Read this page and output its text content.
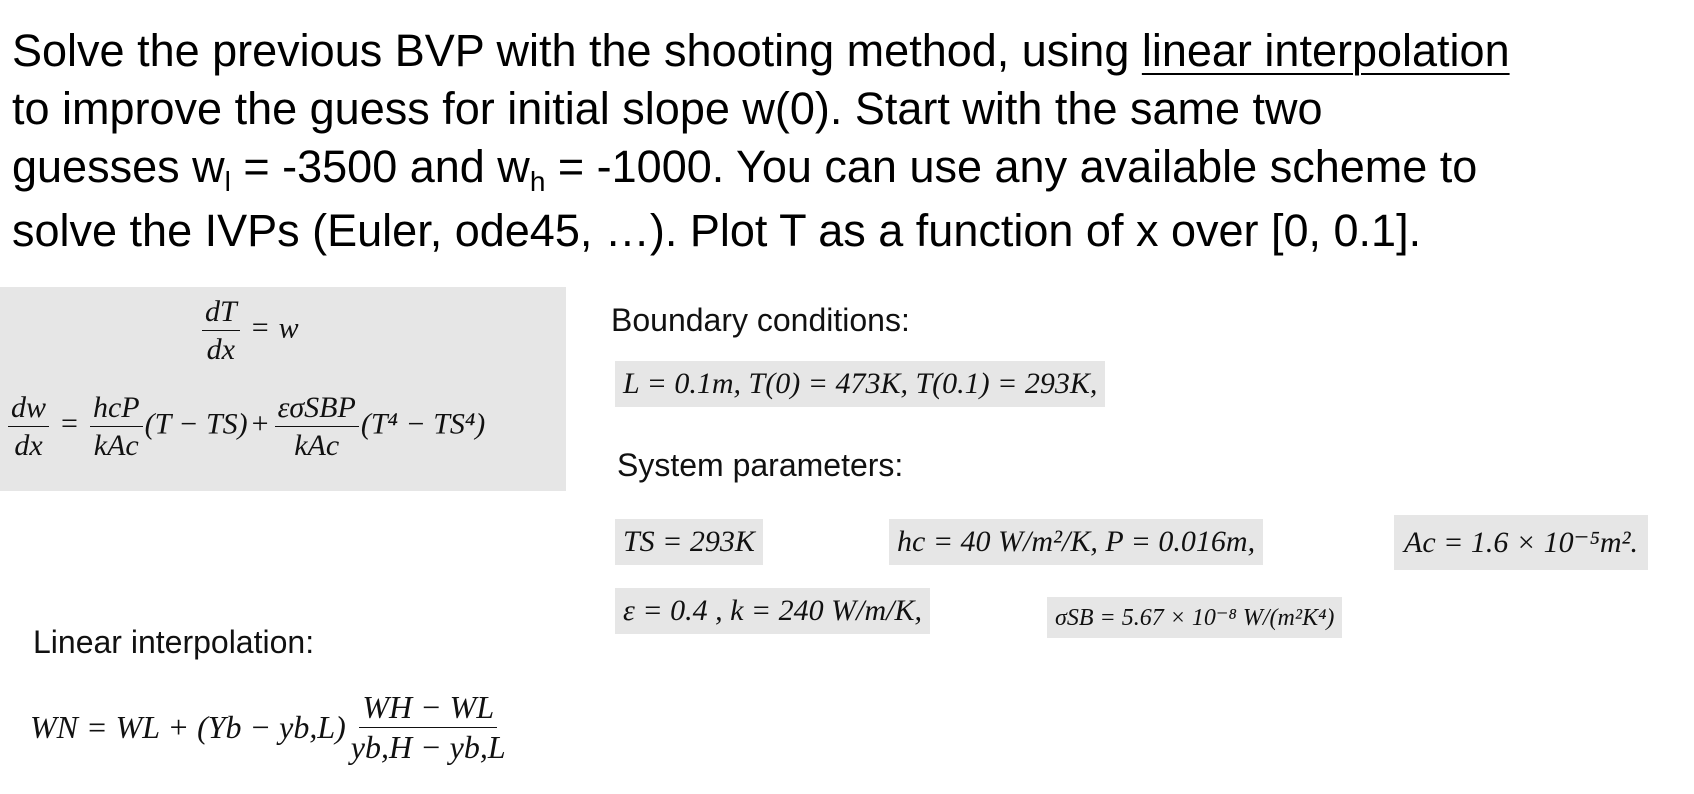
Solve the previous BVP with the shooting method, using linear interpolation

to improve the guess for initial slope w(0). Start with the same two

guesses $w_l = -3500$ and $w_h = -1000$. You can use any available scheme to

solve the IVPs (Euler, ode45, …). Plot T as a function of x over [0, 0.1].

$\frac{dT}{dx} = w$
$\frac{dw}{dx} = \frac{\text{hcP}}{\text{kAc}} (T - TS) + \frac{\text{εσSBP}}{\text{kAc}} (T^4 - TS^4)$
Boundary conditions:
L = 0.1m, T(0) = 473K, T(0.1) = 293K,
System parameters:
TS = 293K	hc = 40 W/m²/K, P = 0.016m,	Ac = 1.6 × 10⁻⁵m².
ε = 0.4 , k = 240 W/m/K,	σSB = 5.67 × 10⁻⁸ W/(m²K⁴)
Linear interpolation:
WN = WL + $(Yb - yb,L) \frac{WH - WL}{yb,H - yb,L}$
